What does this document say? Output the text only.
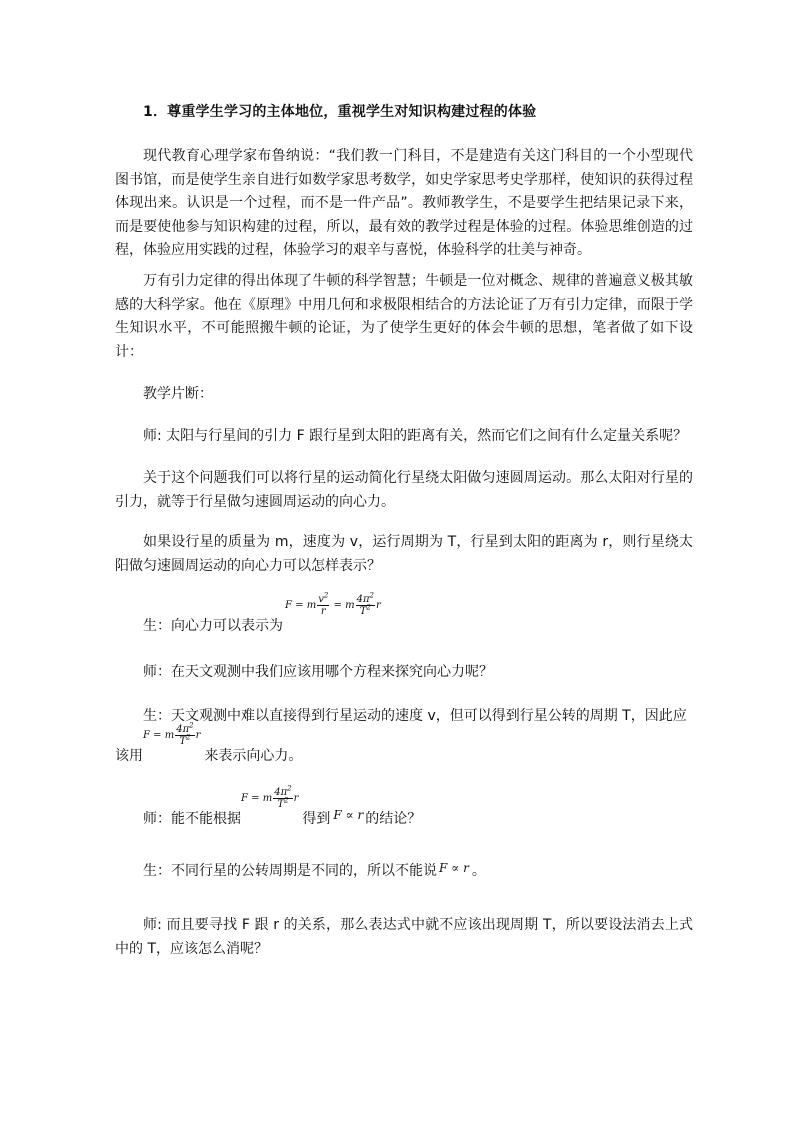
1．尊重学生学习的主体地位，重视学生对知识构建过程的体验
现代教育心理学家布鲁纳说：“我们教一门科目，不是建造有关这门科目的一个小型现代图书馆，而是使学生亲自进行如数学家思考数学，如史学家思考史学那样，使知识的获得过程体现出来。认识是一个过程，而不是一件产品”。教师教学生，不是要学生把结果记录下来，而是要使他参与知识构建的过程，所以，最有效的教学过程是体验的过程。体验思维创造的过程，体验应用实践的过程，体验学习的艰辛与喜悦，体验科学的壮美与神奇。
万有引力定律的得出体现了牛顿的科学智慧；牛顿是一位对概念、规律的普遍意义极其敏感的大科学家。他在《原理》中用几何和求极限相结合的方法论证了万有引力定律，而限于学生知识水平，不可能照搬牛顿的论证，为了使学生更好的体会牛顿的思想，笔者做了如下设计：
教学片断：
师: 太阳与行星间的引力 F 跟行星到太阳的距离有关，然而它们之间有什么定量关系呢？
关于这个问题我们可以将行星的运动简化行星绕太阳做匀速圆周运动。那么太阳对行星的引力，就等于行星做匀速圆周运动的向心力。
如果设行星的质量为 m，速度为 v，运行周期为 T，行星到太阳的距离为 r，则行星绕太阳做匀速圆周运动的向心力可以怎样表示？
生：向心力可以表示为F = m $\frac{v^2}{r} = m \frac{4\pi^2}{T^2}$ r
师：在天文观测中我们应该用哪个方程来探究向心力呢？
生：天文观测中难以直接得到行星运动的速度 v，但可以得到行星公转的周期 T，因此应
该用F = m $\frac{4\pi^2}{T^2}$ r来表示向心力。
师：能不能根据F = m $\frac{4\pi^2}{T^2}$ r得到 F ∝ r 的结论？
生：不同行星的公转周期是不同的，所以不能说 F ∝ r 。
师: 而且要寻找 F 跟 r 的关系，那么表达式中就不应该出现周期 T，所以要设法消去上式中的 T，应该怎么消呢？
